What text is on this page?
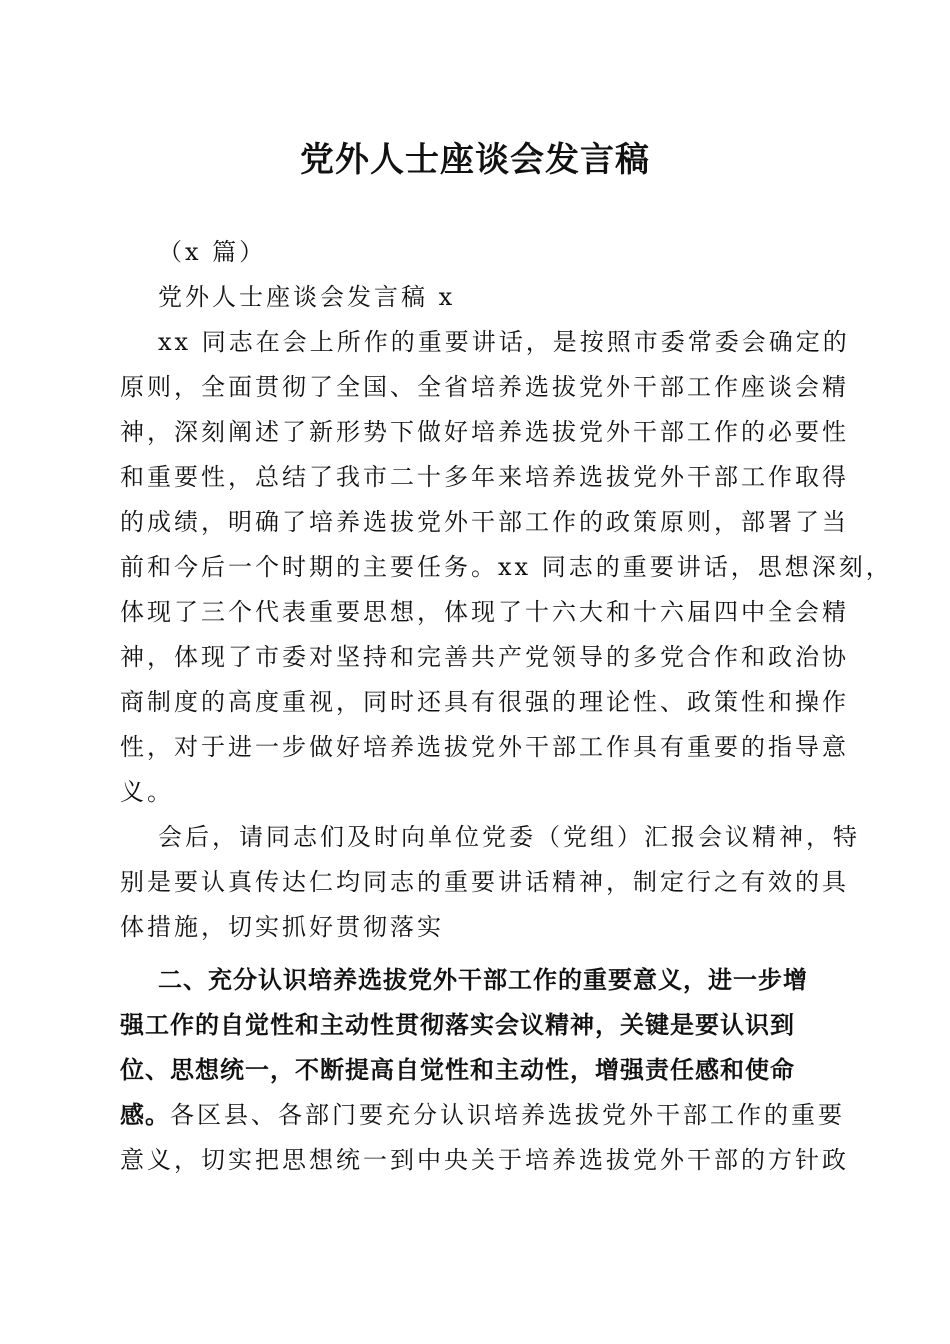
党外人士座谈会发言稿
（x 篇）
党外人士座谈会发言稿 x
xx 同志在会上所作的重要讲话，是按照市委常委会确定的
原则，全面贯彻了全国、全省培养选拔党外干部工作座谈会精
神，深刻阐述了新形势下做好培养选拔党外干部工作的必要性
和重要性，总结了我市二十多年来培养选拔党外干部工作取得
的成绩，明确了培养选拔党外干部工作的政策原则，部署了当
前和今后一个时期的主要任务。xx 同志的重要讲话，思想深刻，
体现了三个代表重要思想，体现了十六大和十六届四中全会精
神，体现了市委对坚持和完善共产党领导的多党合作和政治协
商制度的高度重视，同时还具有很强的理论性、政策性和操作
性，对于进一步做好培养选拔党外干部工作具有重要的指导意
义。
会后，请同志们及时向单位党委（党组）汇报会议精神，特
别是要认真传达仁均同志的重要讲话精神，制定行之有效的具
体措施，切实抓好贯彻落实
二、充分认识培养选拔党外干部工作的重要意义，进一步增
强工作的自觉性和主动性贯彻落实会议精神，关键是要认识到
位、思想统一，不断提高自觉性和主动性，增强责任感和使命
感。各区县、各部门要充分认识培养选拔党外干部工作的重要
意义，切实把思想统一到中央关于培养选拔党外干部的方针政
